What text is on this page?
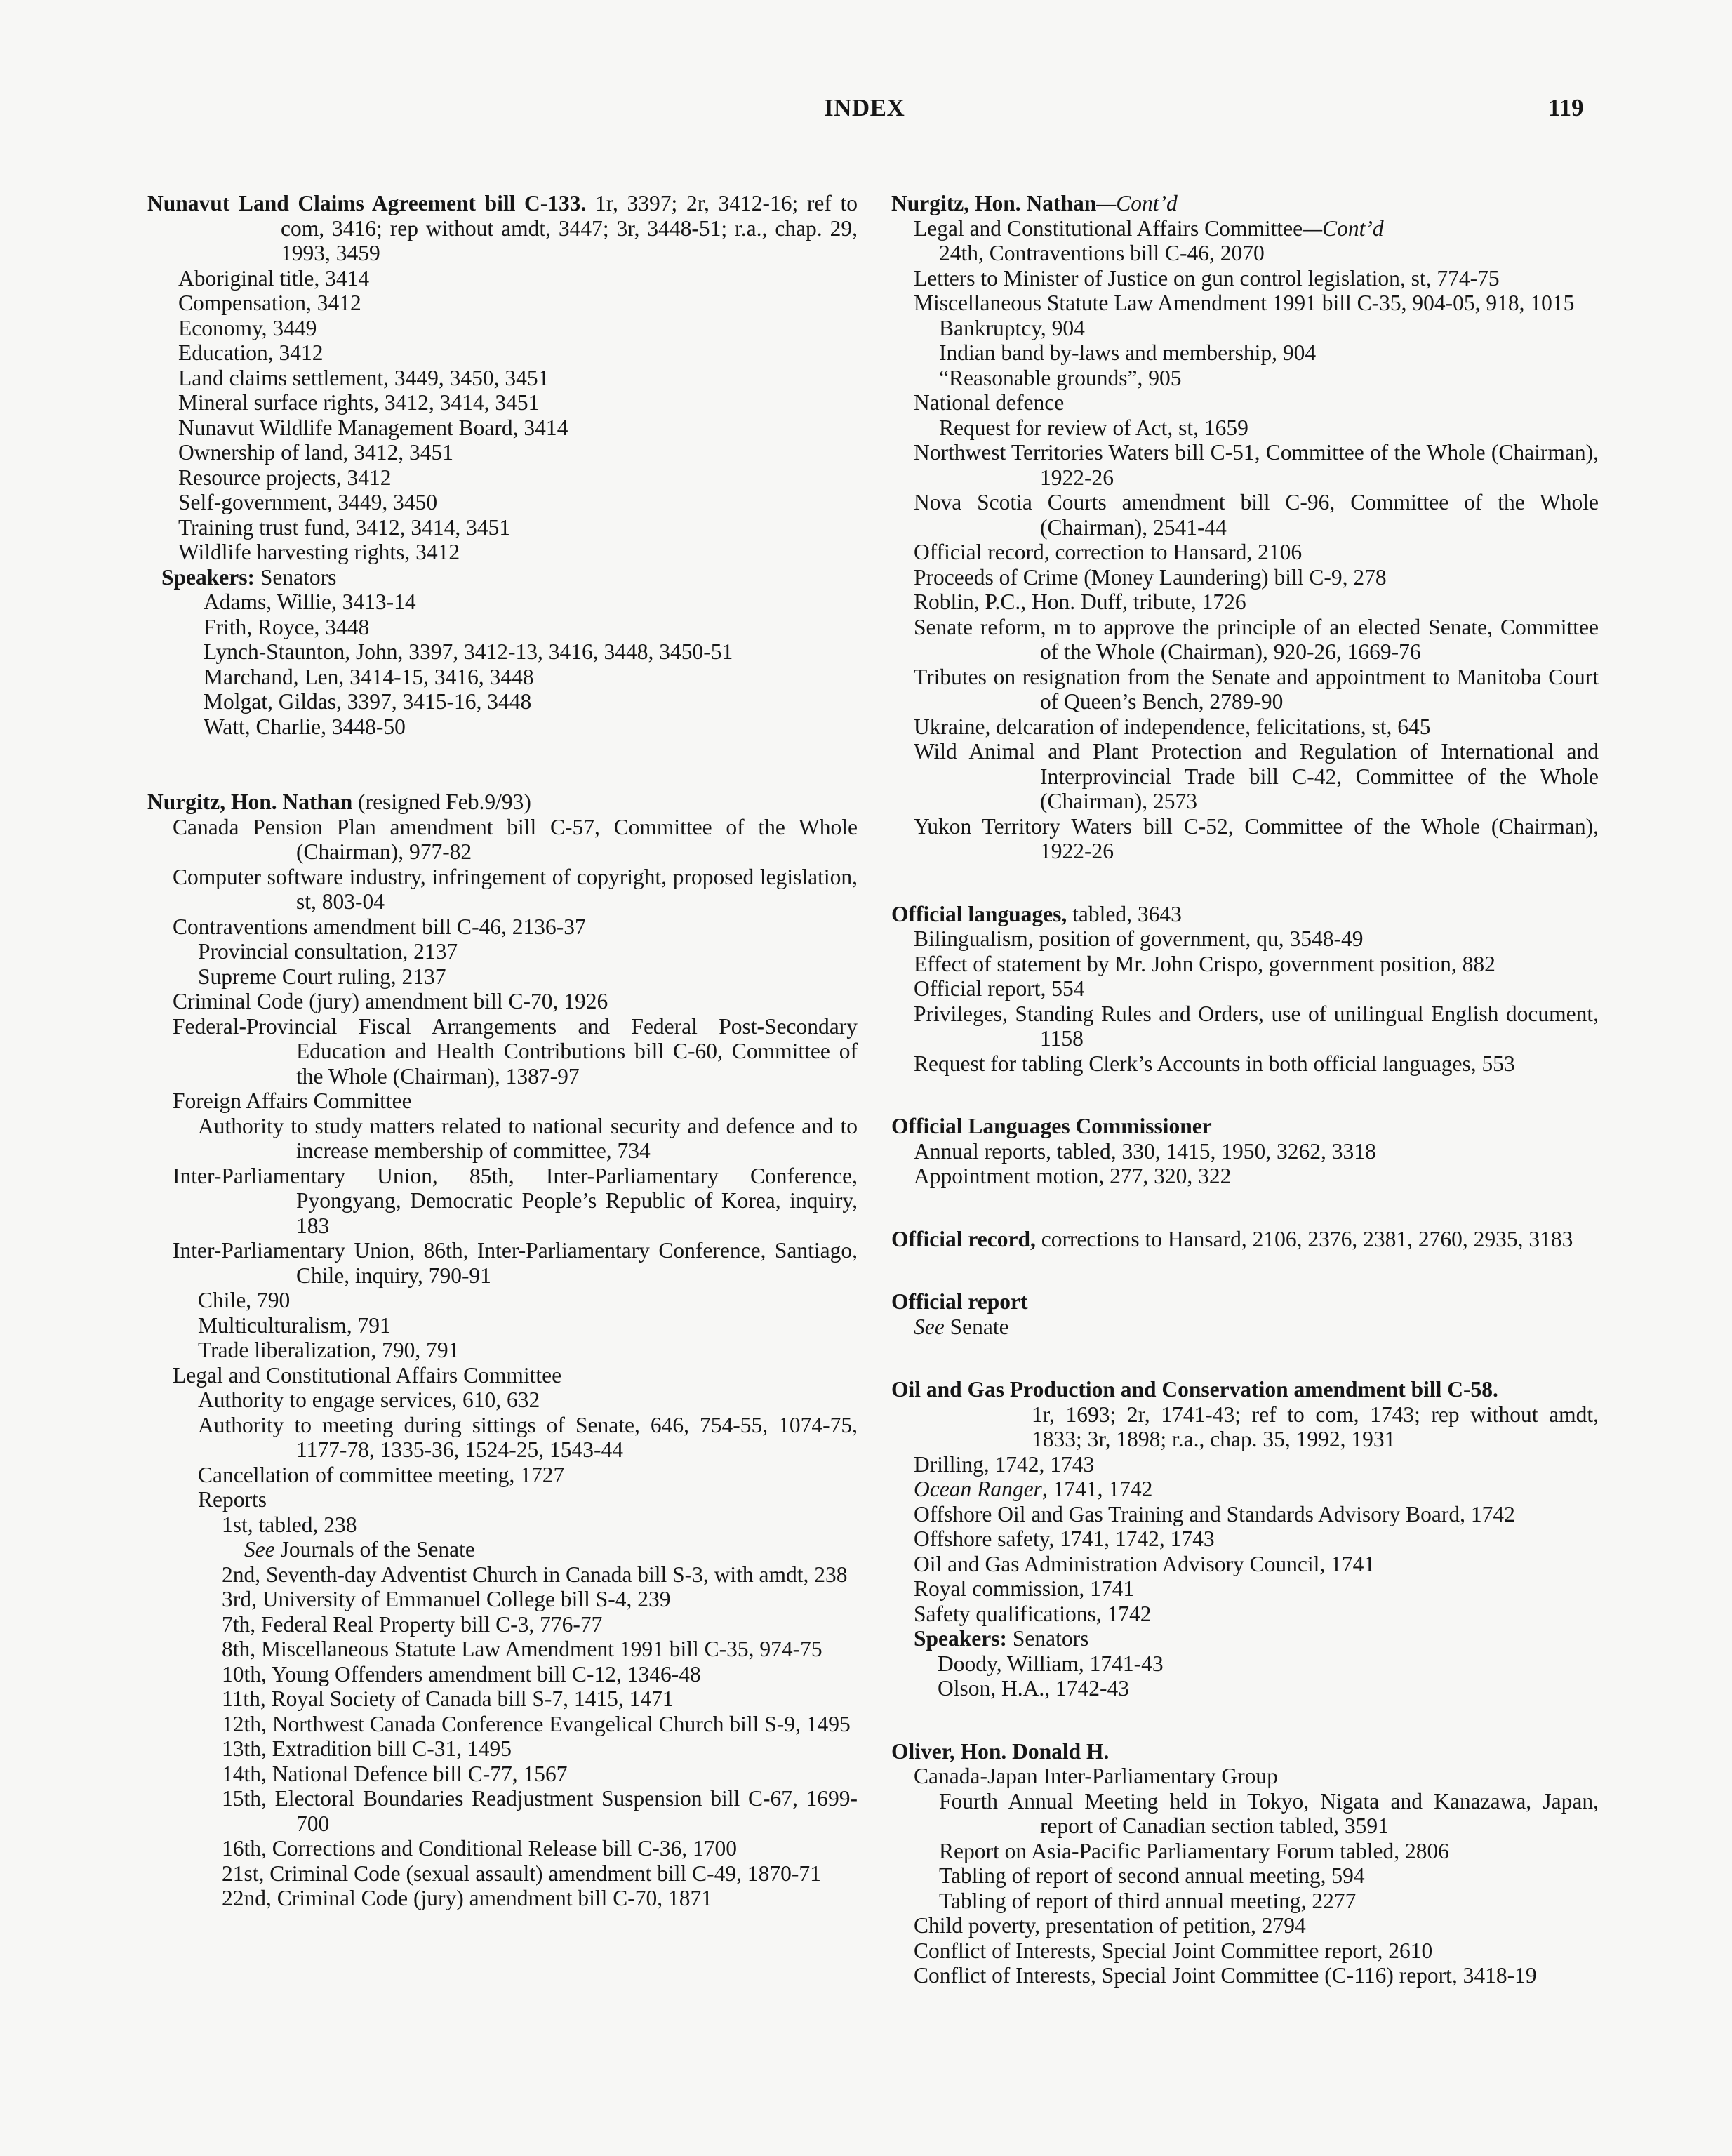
INDEX	119
Nunavut Land Claims Agreement bill C-133. 1r, 3397; 2r, 3412-16; ref to com, 3416; rep without amdt, 3447; 3r, 3448-51; r.a., chap. 29, 1993, 3459
Aboriginal title, 3414
Compensation, 3412
Economy, 3449
Education, 3412
Land claims settlement, 3449, 3450, 3451
Mineral surface rights, 3412, 3414, 3451
Nunavut Wildlife Management Board, 3414
Ownership of land, 3412, 3451
Resource projects, 3412
Self-government, 3449, 3450
Training trust fund, 3412, 3414, 3451
Wildlife harvesting rights, 3412
Speakers: Senators
Adams, Willie, 3413-14
Frith, Royce, 3448
Lynch-Staunton, John, 3397, 3412-13, 3416, 3448, 3450-51
Marchand, Len, 3414-15, 3416, 3448
Molgat, Gildas, 3397, 3415-16, 3448
Watt, Charlie, 3448-50
Nurgitz, Hon. Nathan (resigned Feb.9/93)
Canada Pension Plan amendment bill C-57, Committee of the Whole (Chairman), 977-82
Computer software industry, infringement of copyright, proposed legislation, st, 803-04
Contraventions amendment bill C-46, 2136-37
Provincial consultation, 2137
Supreme Court ruling, 2137
Criminal Code (jury) amendment bill C-70, 1926
Federal-Provincial Fiscal Arrangements and Federal Post-Secondary Education and Health Contributions bill C-60, Committee of the Whole (Chairman), 1387-97
Foreign Affairs Committee
Authority to study matters related to national security and defence and to increase membership of committee, 734
Inter-Parliamentary Union, 85th, Inter-Parliamentary Conference, Pyongyang, Democratic People’s Republic of Korea, inquiry, 183
Inter-Parliamentary Union, 86th, Inter-Parliamentary Conference, Santiago, Chile, inquiry, 790-91
Chile, 790
Multiculturalism, 791
Trade liberalization, 790, 791
Legal and Constitutional Affairs Committee
Authority to engage services, 610, 632
Authority to meeting during sittings of Senate, 646, 754-55, 1074-75, 1177-78, 1335-36, 1524-25, 1543-44
Cancellation of committee meeting, 1727
Reports
1st, tabled, 238
See Journals of the Senate
2nd, Seventh-day Adventist Church in Canada bill S-3, with amdt, 238
3rd, University of Emmanuel College bill S-4, 239
7th, Federal Real Property bill C-3, 776-77
8th, Miscellaneous Statute Law Amendment 1991 bill C-35, 974-75
10th, Young Offenders amendment bill C-12, 1346-48
11th, Royal Society of Canada bill S-7, 1415, 1471
12th, Northwest Canada Conference Evangelical Church bill S-9, 1495
13th, Extradition bill C-31, 1495
14th, National Defence bill C-77, 1567
15th, Electoral Boundaries Readjustment Suspension bill C-67, 1699-700
16th, Corrections and Conditional Release bill C-36, 1700
21st, Criminal Code (sexual assault) amendment bill C-49, 1870-71
22nd, Criminal Code (jury) amendment bill C-70, 1871
Nurgitz, Hon. Nathan—Cont’d
Legal and Constitutional Affairs Committee—Cont’d
24th, Contraventions bill C-46, 2070
Letters to Minister of Justice on gun control legislation, st, 774-75
Miscellaneous Statute Law Amendment 1991 bill C-35, 904-05, 918, 1015
Bankruptcy, 904
Indian band by-laws and membership, 904
“Reasonable grounds”, 905
National defence
Request for review of Act, st, 1659
Northwest Territories Waters bill C-51, Committee of the Whole (Chairman), 1922-26
Nova Scotia Courts amendment bill C-96, Committee of the Whole (Chairman), 2541-44
Official record, correction to Hansard, 2106
Proceeds of Crime (Money Laundering) bill C-9, 278
Roblin, P.C., Hon. Duff, tribute, 1726
Senate reform, m to approve the principle of an elected Senate, Committee of the Whole (Chairman), 920-26, 1669-76
Tributes on resignation from the Senate and appointment to Manitoba Court of Queen’s Bench, 2789-90
Ukraine, delcaration of independence, felicitations, st, 645
Wild Animal and Plant Protection and Regulation of International and Interprovincial Trade bill C-42, Committee of the Whole (Chairman), 2573
Yukon Territory Waters bill C-52, Committee of the Whole (Chairman), 1922-26
Official languages, tabled, 3643
Bilingualism, position of government, qu, 3548-49
Effect of statement by Mr. John Crispo, government position, 882
Official report, 554
Privileges, Standing Rules and Orders, use of unilingual English document, 1158
Request for tabling Clerk’s Accounts in both official languages, 553
Official Languages Commissioner
Annual reports, tabled, 330, 1415, 1950, 3262, 3318
Appointment motion, 277, 320, 322
Official record, corrections to Hansard, 2106, 2376, 2381, 2760, 2935, 3183
Official report
See Senate
Oil and Gas Production and Conservation amendment bill C-58.
1r, 1693; 2r, 1741-43; ref to com, 1743; rep without amdt, 1833; 3r, 1898; r.a., chap. 35, 1992, 1931
Drilling, 1742, 1743
Ocean Ranger, 1741, 1742
Offshore Oil and Gas Training and Standards Advisory Board, 1742
Offshore safety, 1741, 1742, 1743
Oil and Gas Administration Advisory Council, 1741
Royal commission, 1741
Safety qualifications, 1742
Speakers: Senators
Doody, William, 1741-43
Olson, H.A., 1742-43
Oliver, Hon. Donald H.
Canada-Japan Inter-Parliamentary Group
Fourth Annual Meeting held in Tokyo, Nigata and Kanazawa, Japan, report of Canadian section tabled, 3591
Report on Asia-Pacific Parliamentary Forum tabled, 2806
Tabling of report of second annual meeting, 594
Tabling of report of third annual meeting, 2277
Child poverty, presentation of petition, 2794
Conflict of Interests, Special Joint Committee report, 2610
Conflict of Interests, Special Joint Committee (C-116) report, 3418-19
